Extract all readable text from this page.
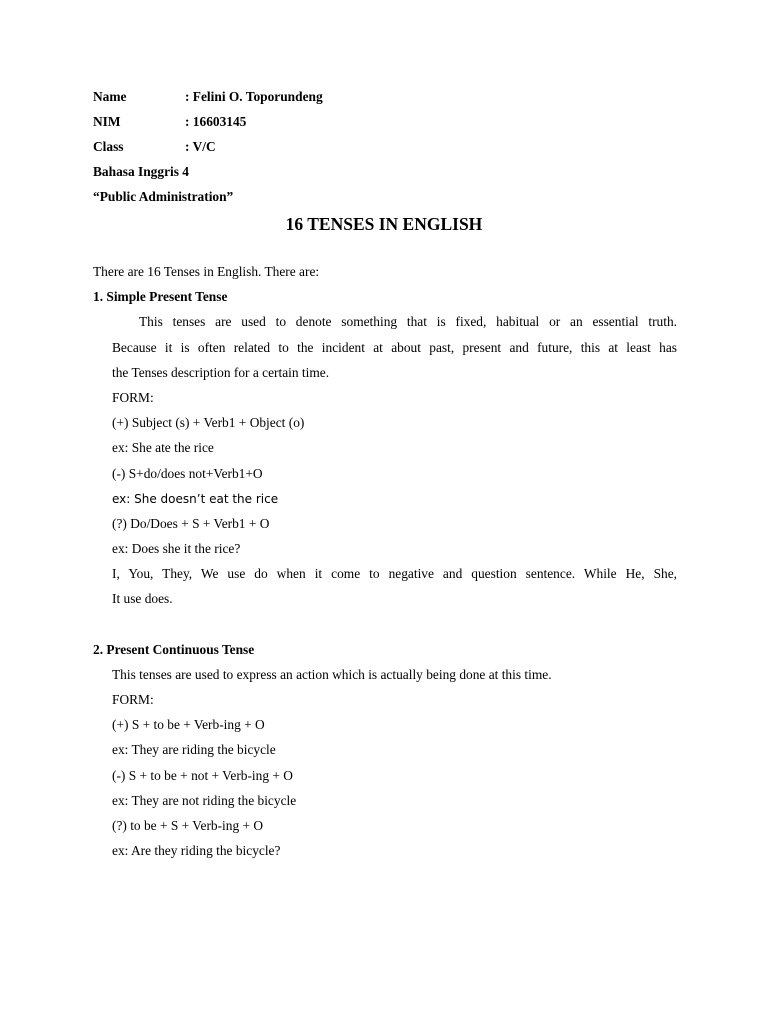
Name	: Felini O. Toporundeng
NIM	: 16603145
Class	: V/C
Bahasa Inggris 4
“Public Administration”
16 TENSES IN ENGLISH
There are 16 Tenses in English. There are:
1. Simple Present Tense
This tenses are used to denote something that is fixed, habitual or an essential truth.
Because it is often related to the incident at about past, present and future, this at least has
the Tenses description for a certain time.
FORM:
(+) Subject (s) + Verb1 + Object (o)
ex: She ate the rice
(-) S+do/does not+Verb1+O
ex: She doesn’t eat the rice
(?) Do/Does + S + Verb1 + O
ex: Does she it the rice?
I, You, They, We use do when it come to negative and question sentence. While He, She,
It use does.
2. Present Continuous Tense
This tenses are used to express an action which is actually being done at this time.
FORM:
(+) S + to be + Verb-ing + O
ex: They are riding the bicycle
(-) S + to be + not + Verb-ing + O
ex: They are not riding the bicycle
(?) to be + S + Verb-ing + O
ex: Are they riding the bicycle?
